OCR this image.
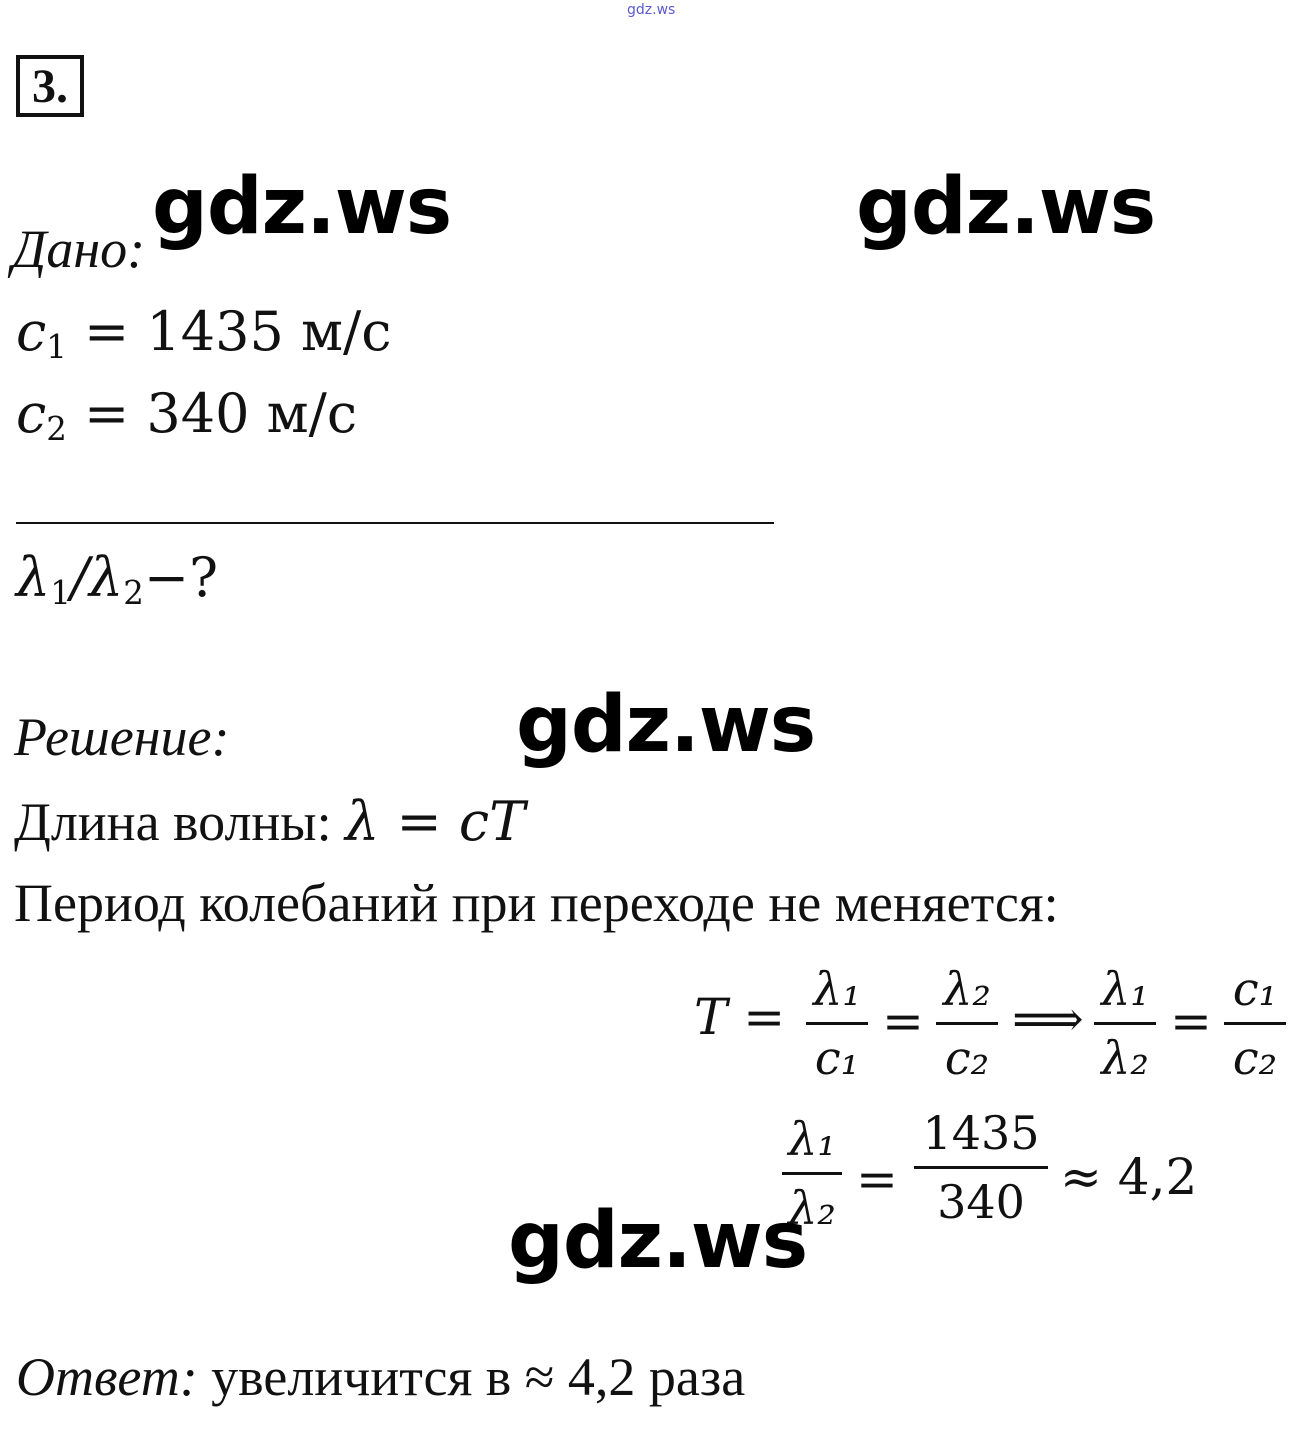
gdz.ws
3.
gdz.ws	gdz.ws
Дано:
$c_1 = 1435$ м/с
$c_2 = 340$ м/с
$\lambda_1/\lambda_2-$?
gdz.ws
Решение:
Длина волны: λ = cT
Период колебаний при переходе не меняется:
T = λ₁
c₁
=
λ₂
c₂
⟹
λ₁
λ₂
=
c₁
c₂
λ₁
λ₂ =
1435
340 ≈ 4,2
gdz.ws
Ответ: увеличится в ≈ 4,2 раза
